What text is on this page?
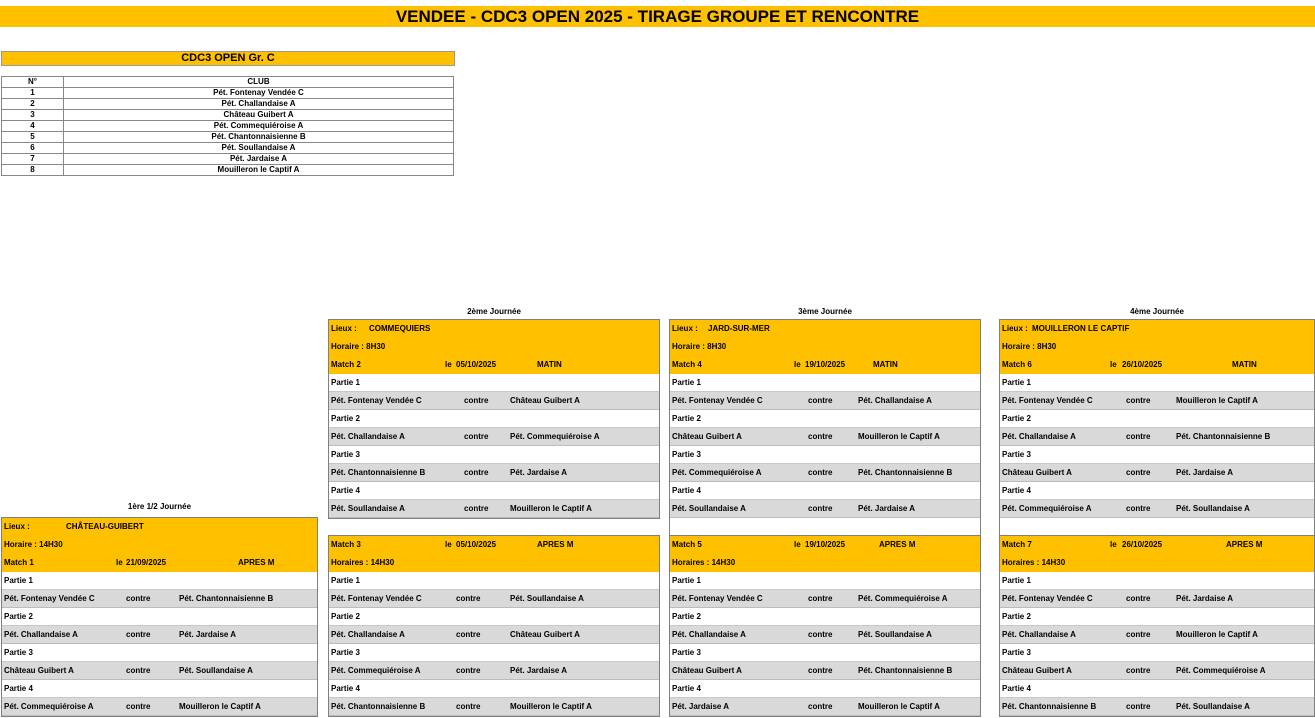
VENDEE - CDC3 OPEN 2025 - TIRAGE GROUPE ET RENCONTRE
CDC3 OPEN Gr. C
N°	CLUB
1	Pét. Fontenay Vendée C
2	Pét. Challandaise A
3	Château Guibert A
4	Pét. Commequiéroise A
5	Pét. Chantonnaisienne B
6	Pét. Soullandaise A
7	Pét. Jardaise A
8	Mouilleron le Captif A
1ère 1/2 Journée
Lieux :	CHÂTEAU-GUIBERT
Horaire : 14H30
Match 1	le 21/09/2025	APRES M
Partie 1
Pét. Fontenay Vendée C	contre	Pét. Chantonnaisienne B
Partie 2
Pét. Challandaise A	contre	Pét. Jardaise A
Partie 3
Château Guibert A	contre	Pét. Soullandaise A
Partie 4
Pét. Commequiéroise A	contre	Mouilleron le Captif A
2ème Journée
Lieux : COMMEQUIERS
Horaire : 8H30
Match 2	le 05/10/2025	MATIN
Partie 1
Pét. Fontenay Vendée C	contre	Château Guibert A
Partie 2
Pét. Challandaise A	contre	Pét. Commequiéroise A
Partie 3
Pét. Chantonnaisienne B	contre	Pét. Jardaise A
Partie 4
Pét. Soullandaise A	contre	Mouilleron le Captif A
Match 3	le 05/10/2025	APRES M
Horaires : 14H30
Partie 1
Pét. Fontenay Vendée C	contre	Pét. Soullandaise A
Partie 2
Pét. Challandaise A	contre	Château Guibert A
Partie 3
Pét. Commequiéroise A	contre	Pét. Jardaise A
Partie 4
Pét. Chantonnaisienne B	contre	Mouilleron le Captif A
3ème Journée
Lieux : JARD-SUR-MER
Horaire : 8H30
Match 4	le 19/10/2025	MATIN
Partie 1
Pét. Fontenay Vendée C	contre	Pét. Challandaise A
Partie 2
Château Guibert A	contre	Mouilleron le Captif A
Partie 3
Pét. Commequiéroise A	contre	Pét. Chantonnaisienne B
Partie 4
Pét. Soullandaise A	contre	Pét. Jardaise A
Match 5	le 19/10/2025	APRES M
Horaires : 14H30
Partie 1
Pét. Fontenay Vendée C	contre	Pét. Commequiéroise A
Partie 2
Pét. Challandaise A	contre	Pét. Soullandaise A
Partie 3
Château Guibert A	contre	Pét. Chantonnaisienne B
Partie 4
Pét. Jardaise A	contre	Mouilleron le Captif A
4ème Journée
Lieux : MOUILLERON LE CAPTIF
Horaire : 8H30
Match 6	le 26/10/2025	MATIN
Partie 1
Pét. Fontenay Vendée C	contre	Mouilleron le Captif A
Partie 2
Pét. Challandaise A	contre	Pét. Chantonnaisienne B
Partie 3
Château Guibert A	contre	Pét. Jardaise A
Partie 4
Pét. Commequiéroise A	contre	Pét. Soullandaise A
Match 7	le 26/10/2025	APRES M
Horaires : 14H30
Partie 1
Pét. Fontenay Vendée C	contre	Pét. Jardaise A
Partie 2
Pét. Challandaise A	contre	Mouilleron le Captif A
Partie 3
Château Guibert A	contre	Pét. Commequiéroise A
Partie 4
Pét. Chantonnaisienne B	contre	Pét. Soullandaise A
